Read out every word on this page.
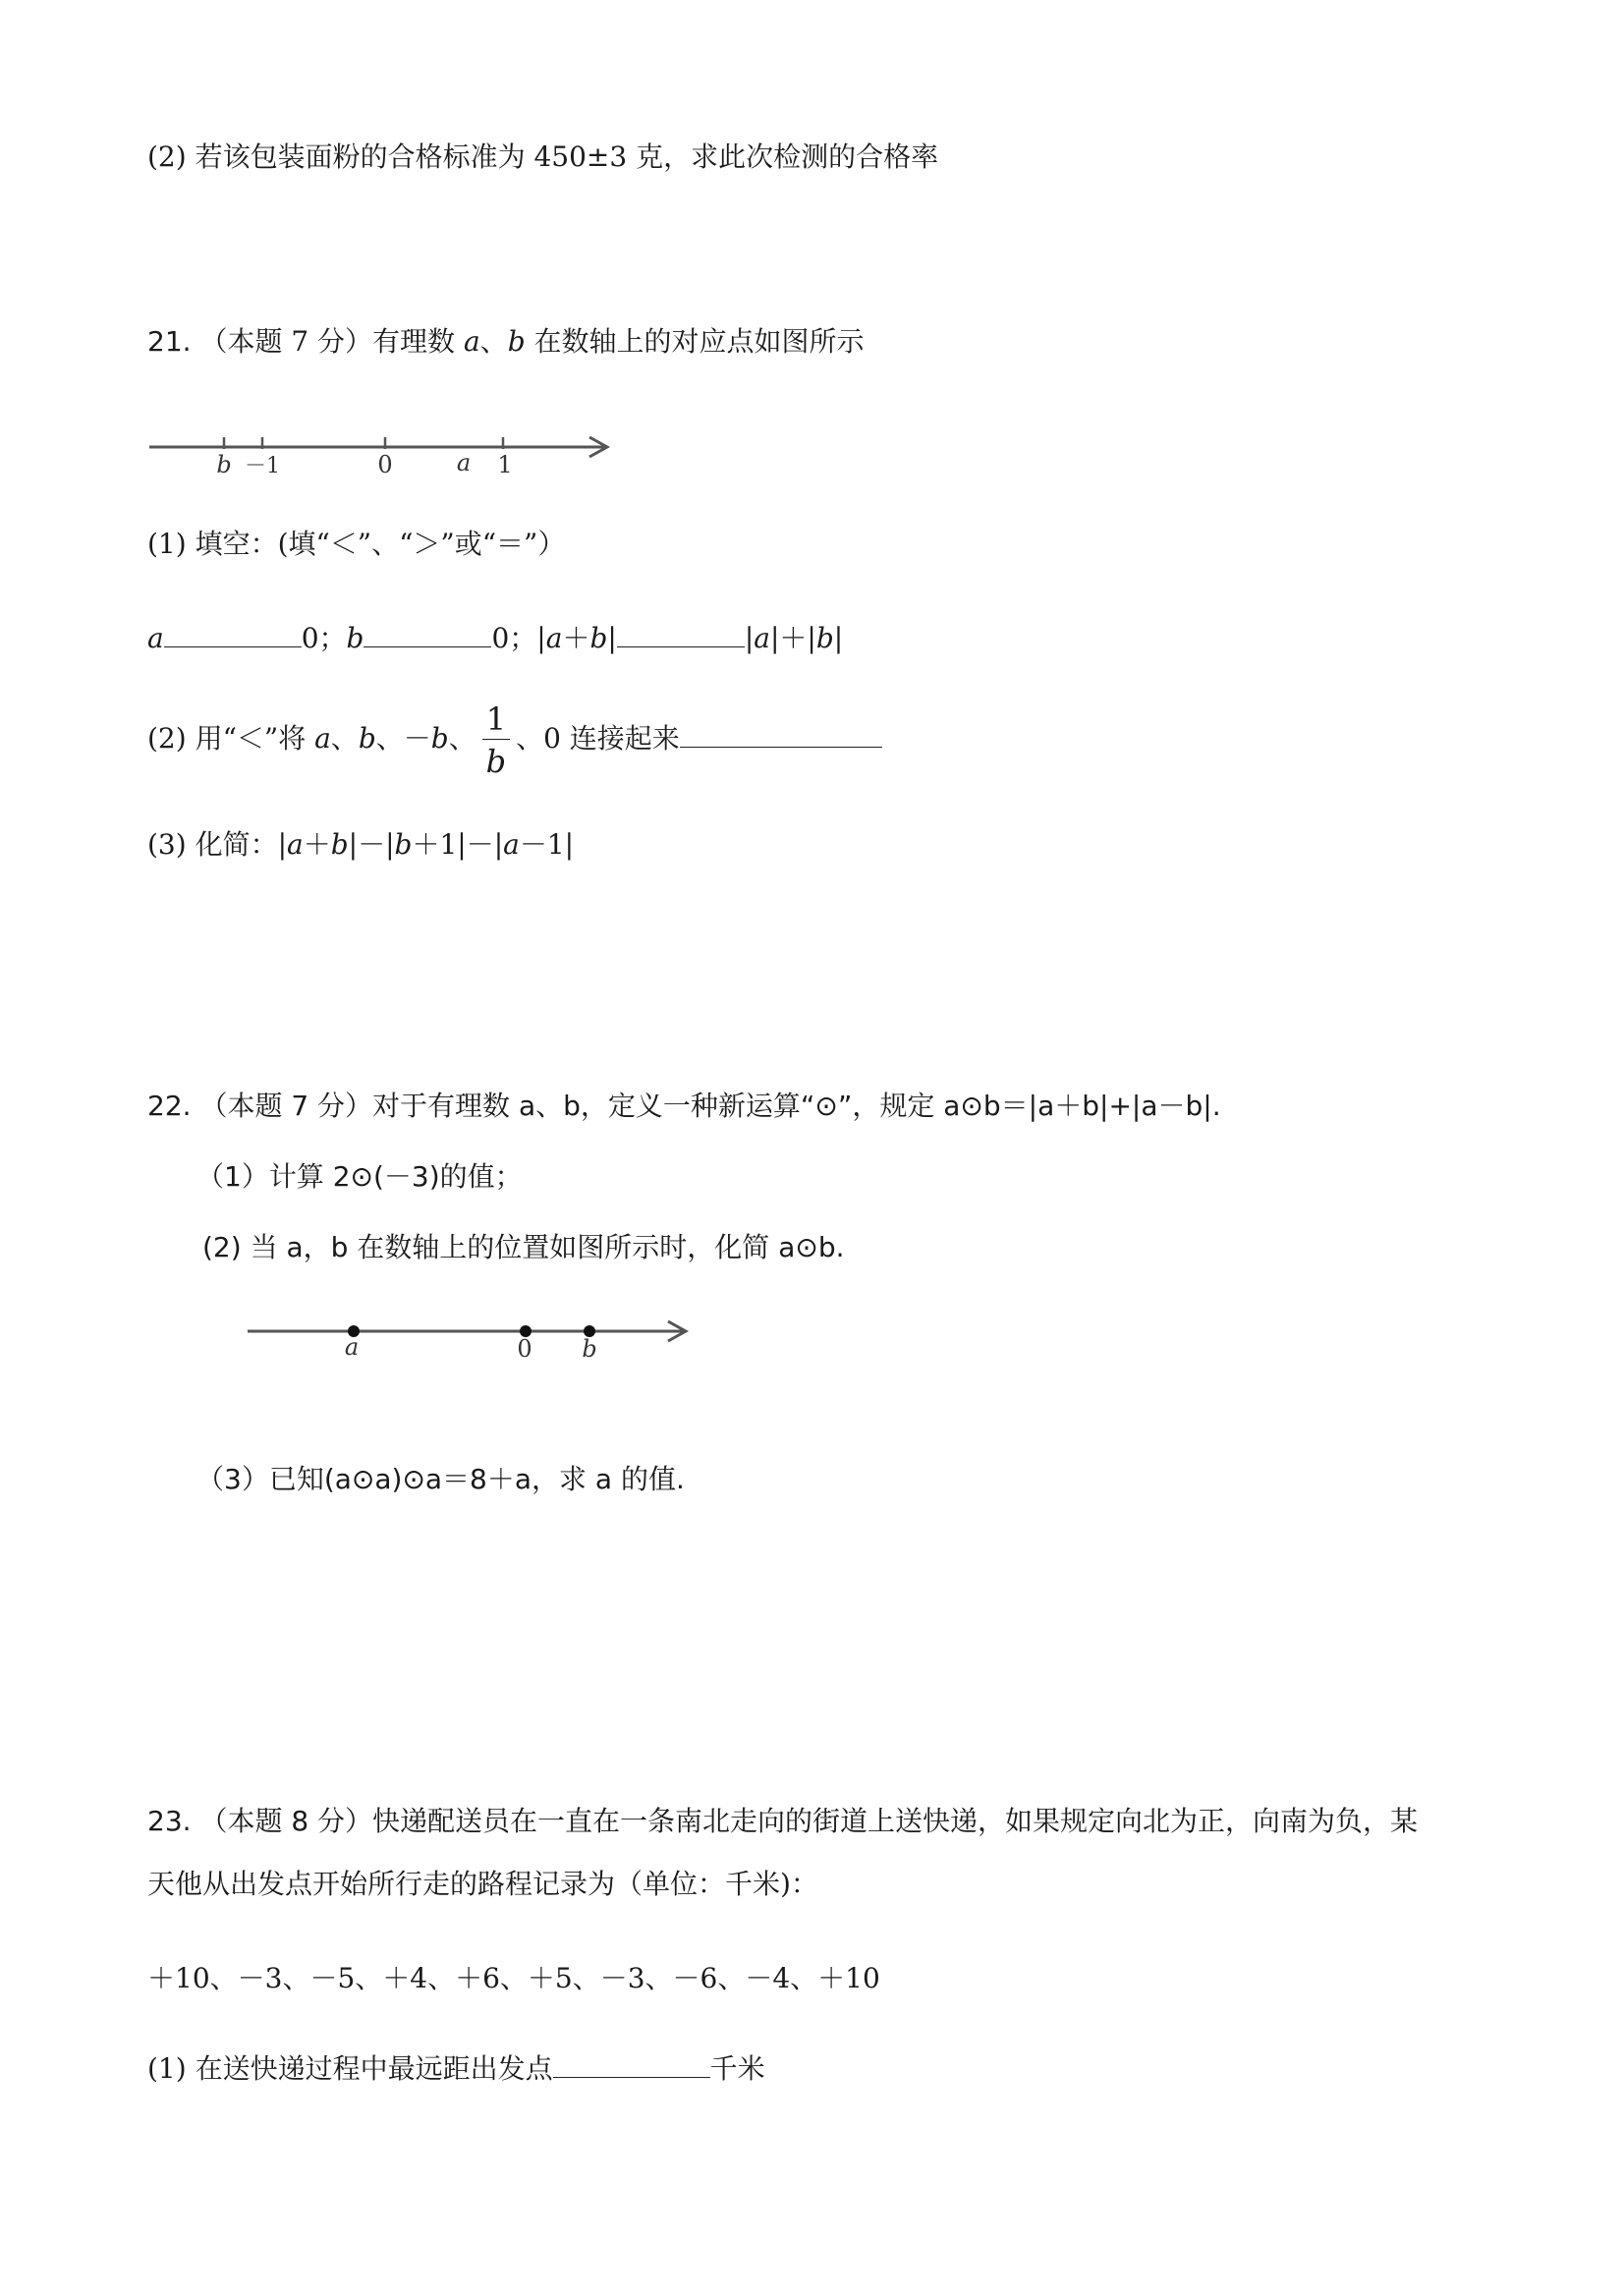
(2) 若该包装面粉的合格标准为 450±3 克，求此次检测的合格率
21. （本题 7 分）有理数 a、b 在数轴上的对应点如图所示
b －1	0	a 1
(1) 填空：(填“＜”、“＞”或“＝”）
a	0；b	0；|a＋b|	|a|＋|b|
(2) 用“＜”将 a、b、－b、 $\frac{1}{b}$ 、0 连接起来
(3) 化简：|a＋b|－|b＋1|－|a－1|
22. （本题 7 分）对于有理数 a、b，定义一种新运算“⊙”，规定 a⊙b＝|a＋b|+|a－b|.
（1）计算 2⊙(－3)的值；
(2) 当 a，b 在数轴上的位置如图所示时，化简 a⊙b.
a	0 b
（3）已知(a⊙a)⊙a＝8＋a，求 a 的值.
23. （本题 8 分）快递配送员在一直在一条南北走向的街道上送快递，如果规定向北为正，向南为负，某
天他从出发点开始所行走的路程记录为（单位：千米)：
＋10、－3、－5、＋4、＋6、＋5、－3、－6、－4、＋10
(1) 在送快递过程中最远距出发点	千米
